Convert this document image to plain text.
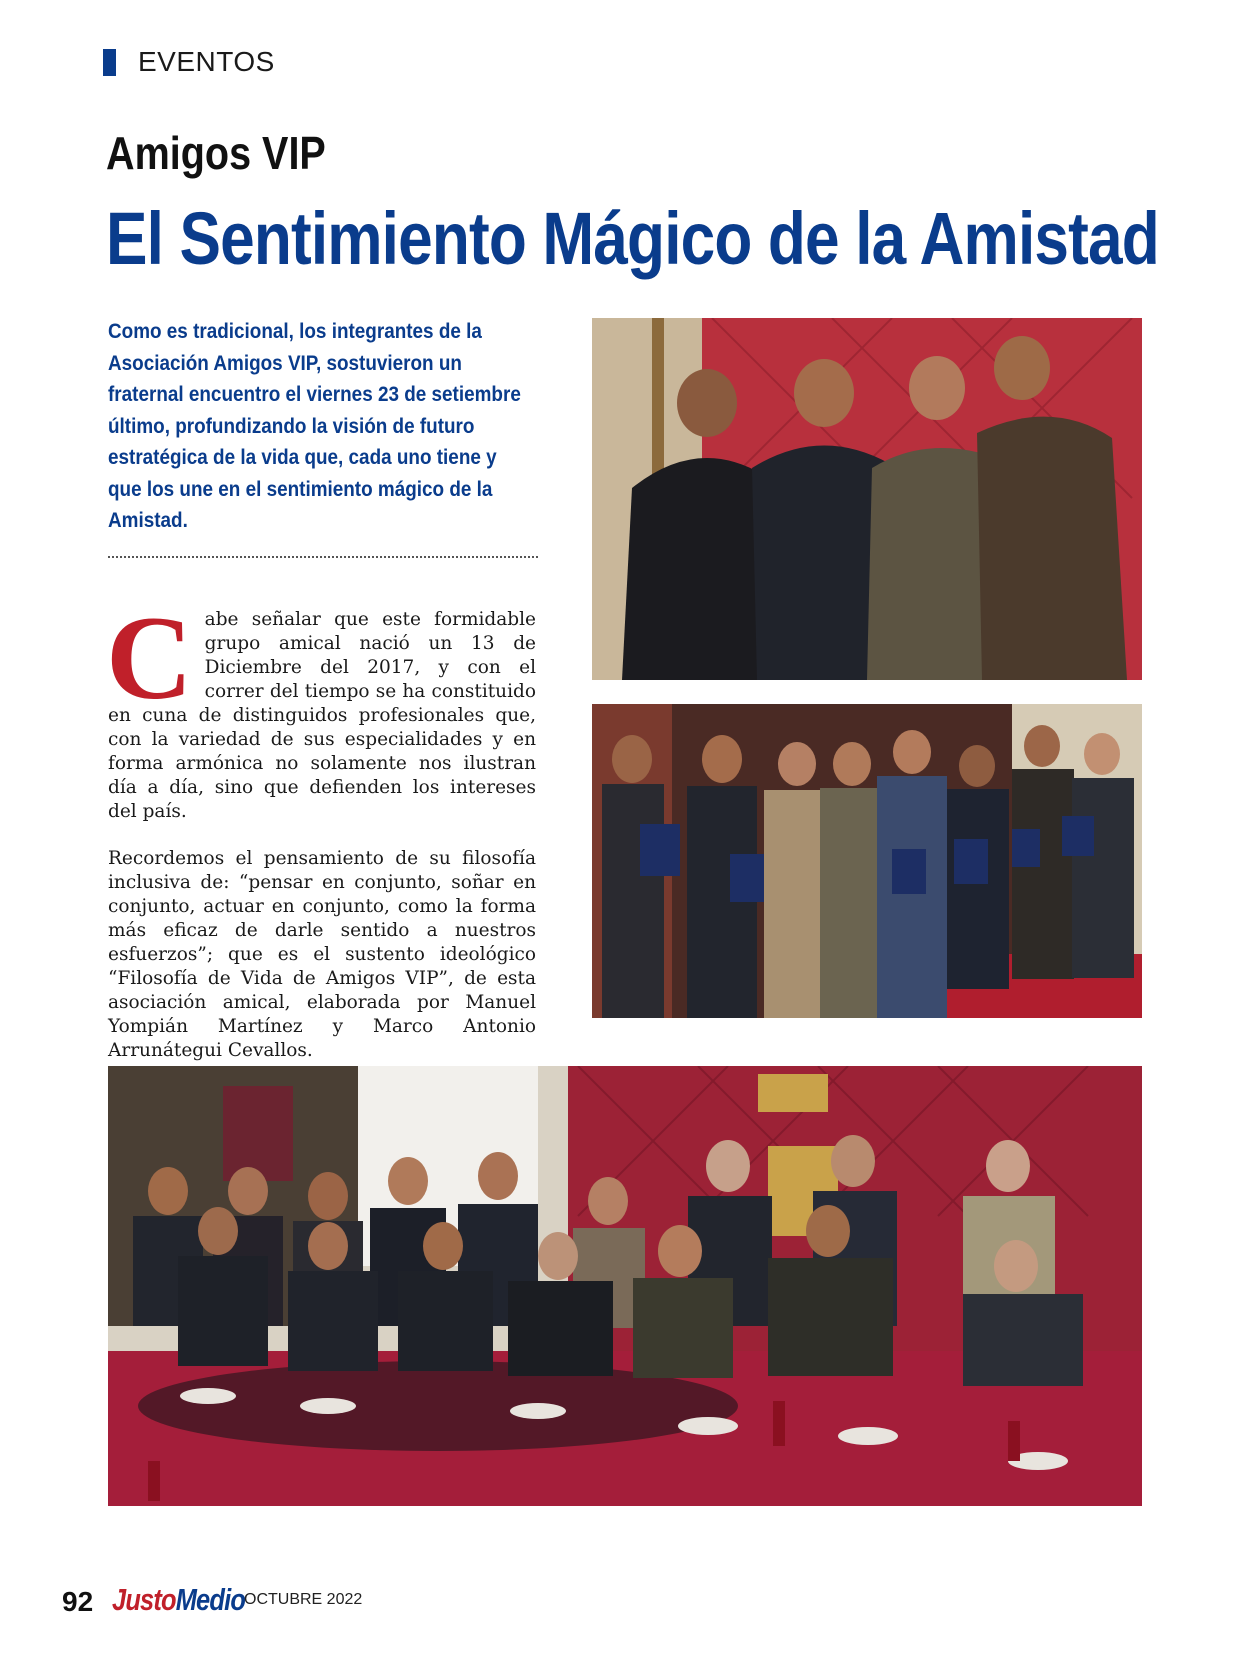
EVENTOS
Amigos VIP
El Sentimiento Mágico de la Amistad
Como es tradicional, los integrantes de la Asociación Amigos VIP, sostuvieron un fraternal encuentro el viernes 23 de setiembre último, profundizando la visión de futuro estratégica de la vida que, cada uno tiene y que los une en el sentimiento mágico de la Amistad.

Cabe señalar que este formidable grupo amical nació un 13 de Diciembre del 2017, y con el correr del tiempo se ha constituido en cuna de distinguidos profesionales que, con la variedad de sus especialidades y en forma armónica no solamente nos ilustran día a día, sino que defienden los intereses del país.

Recordemos el pensamiento de su filosofía inclusiva de: “pensar en conjunto, soñar en conjunto, actuar en conjunto, como la forma más eficaz de darle sentido a nuestros esfuerzos”; que es el sustento ideológico “Filosofía de Vida de Amigos VIP”, de esta asociación amical, elaborada por Manuel Yompián Martínez y Marco Antonio Arrunátegui Cevallos.

92 JustoMedio
OCTUBRE 2022
